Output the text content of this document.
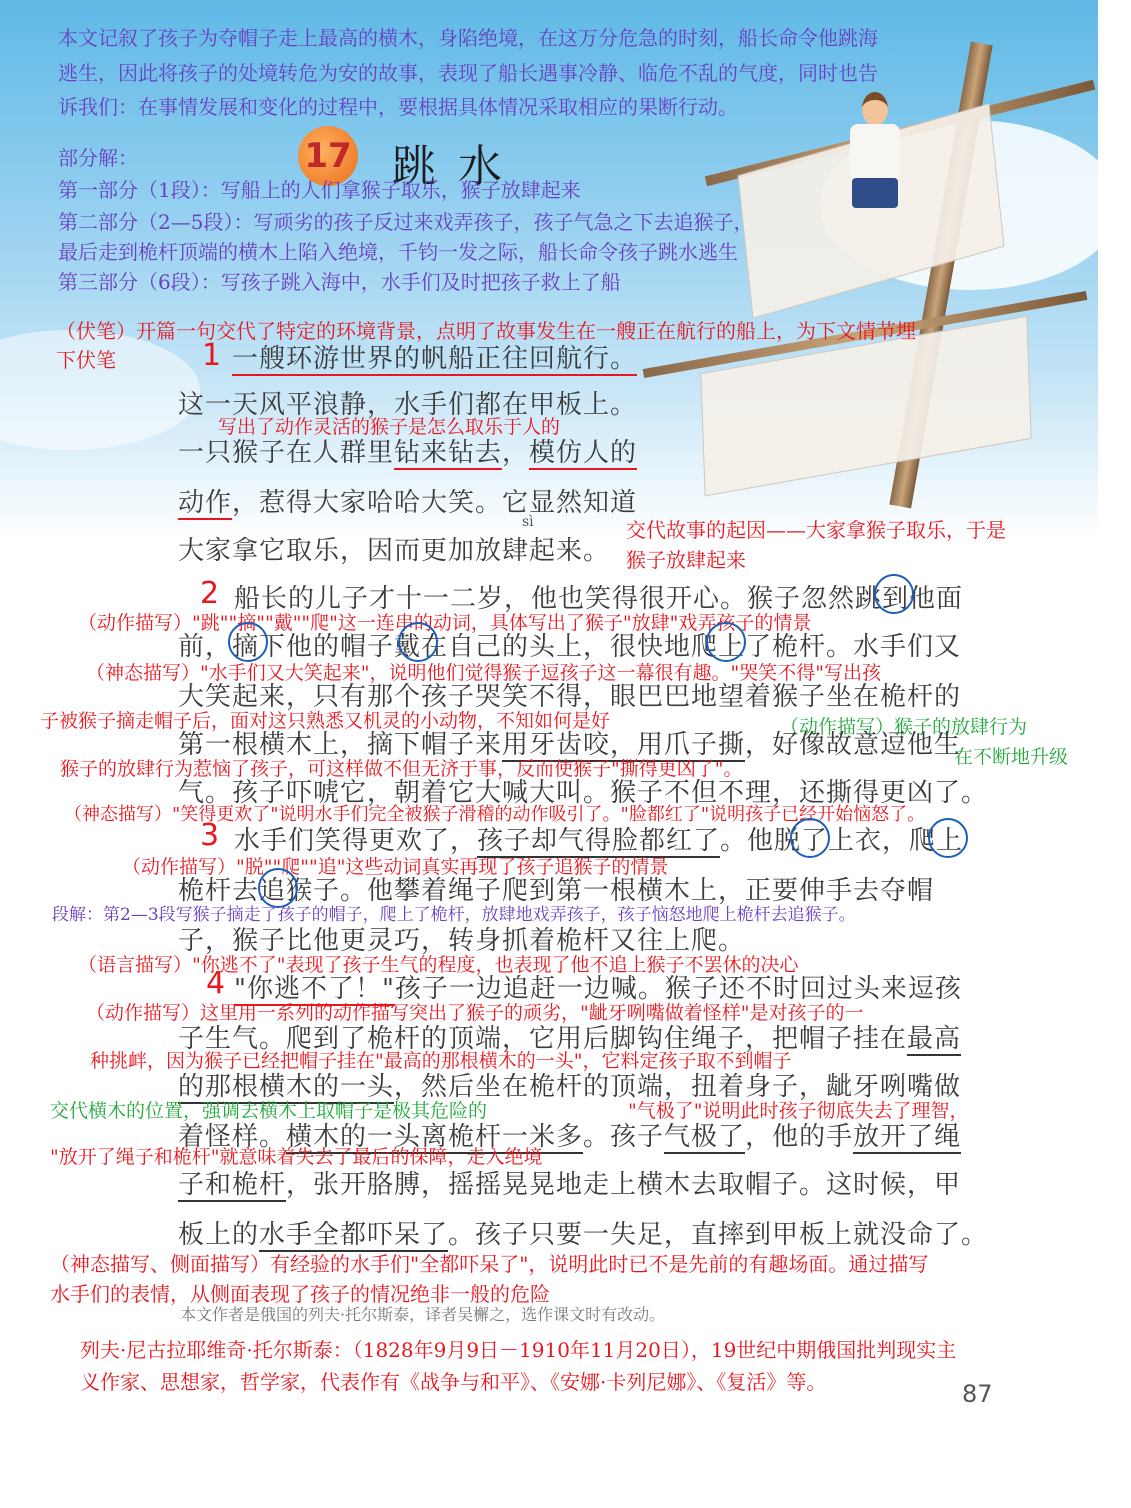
本文记叙了孩子为夺帽子走上最高的横木，身陷绝境，在这万分危急的时刻，船长命令他跳海
逃生，因此将孩子的处境转危为安的故事，表现了船长遇事冷静、临危不乱的气度，同时也告
诉我们：在事情发展和变化的过程中，要根据具体情况采取相应的果断行动。
17 跳水
部分解：
第一部分（1段）：写船上的人们拿猴子取乐，猴子放肆起来
第二部分（2—5段）：写顽劣的孩子反过来戏弄孩子，孩子气急之下去追猴子，
最后走到桅杆顶端的横木上陷入绝境，千钧一发之际，船长命令孩子跳水逃生
第三部分（6段）：写孩子跳入海中，水手们及时把孩子救上了船
（伏笔）开篇一句交代了特定的环境背景，点明了故事发生在一艘正在航行的船上，为下文情节埋
下伏笔	1 一艘环游世界的帆船正往回航行。
这一天风平浪静，水手们都在甲板上。
写出了动作灵活的猴子是怎么取乐于人的
一只猴子在人群里钻来钻去，模仿人的
动作，惹得大家哈哈大笑。它显然知道
sì
大家拿它取乐，因而更加放肆起来。
交代故事的起因——大家拿猴子取乐，于是
猴子放肆起来
2 船长的儿子才十一二岁，他也笑得很开心。猴子忽然跳到他面
（动作描写）"跳""摘""戴""爬"这一连串的动词，具体写出了猴子"放肆"戏弄孩子的情景
前，摘下他的帽子戴在自己的头上，很快地爬上了桅杆。水手们又
（神态描写）"水手们又大笑起来"，说明他们觉得猴子逗孩子这一幕很有趣。"哭笑不得"写出孩
大笑起来，只有那个孩子哭笑不得，眼巴巴地望着猴子坐在桅杆的
子被猴子摘走帽子后，面对这只熟悉又机灵的小动物，不知如何是好	（动作描写）猴子的放肆行为
第一根横木上，摘下帽子来用牙齿咬，用爪子撕，好像故意逗他生
在不断地升级
猴子的放肆行为惹恼了孩子，可这样做不但无济于事，反而使猴子"撕得更凶了"。
气。孩子吓唬它，朝着它大喊大叫。猴子不但不理，还撕得更凶了。
（神态描写）"笑得更欢了"说明水手们完全被猴子滑稽的动作吸引了。"脸都红了"说明孩子已经开始恼怒了。
3 水手们笑得更欢了，孩子却气得脸都红了。他脱了上衣，爬上
（动作描写）"脱""爬""追"这些动词真实再现了孩子追猴子的情景
桅杆去追猴子。他攀着绳子爬到第一根横木上，正要伸手去夺帽
段解：第2—3段写猴子摘走了孩子的帽子，爬上了桅杆，放肆地戏弄孩子，孩子恼怒地爬上桅杆去追猴子。
子，猴子比他更灵巧，转身抓着桅杆又往上爬。
（语言描写）"你逃不了"表现了孩子生气的程度，也表现了他不追上猴子不罢休的决心
4 "你逃不了！"孩子一边追赶一边喊。猴子还不时回过头来逗孩
（动作描写）这里用一系列的动作描写突出了猴子的顽劣，"龇牙咧嘴做着怪样"是对孩子的一
子生气。爬到了桅杆的顶端，它用后脚钩住绳子，把帽子挂在最高
种挑衅，因为猴子已经把帽子挂在"最高的那根横木的一头"，它料定孩子取不到帽子
的那根横木的一头，然后坐在桅杆的顶端，扭着身子，龇牙咧嘴做
交代横木的位置，强调去横木上取帽子是极其危险的	"气极了"说明此时孩子彻底失去了理智，
着怪样。横木的一头离桅杆一米多。孩子气极了，他的手放开了绳
"放开了绳子和桅杆"就意味着失去了最后的保障，走入绝境
子和桅杆，张开胳膊，摇摇晃晃地走上横木去取帽子。这时候，甲
板上的水手全都吓呆了。孩子只要一失足，直摔到甲板上就没命了。
（神态描写、侧面描写）有经验的水手们"全都吓呆了"，说明此时已不是先前的有趣场面。通过描写
水手们的表情，从侧面表现了孩子的情况绝非一般的危险
本文作者是俄国的列夫·托尔斯泰，译者吴檞之，选作课文时有改动。
列夫·尼古拉耶维奇·托尔斯泰：（1828年9月9日－1910年11月20日），19世纪中期俄国批判现实主
义作家、思想家，哲学家，代表作有《战争与和平》、《安娜·卡列尼娜》、《复活》等。	87
